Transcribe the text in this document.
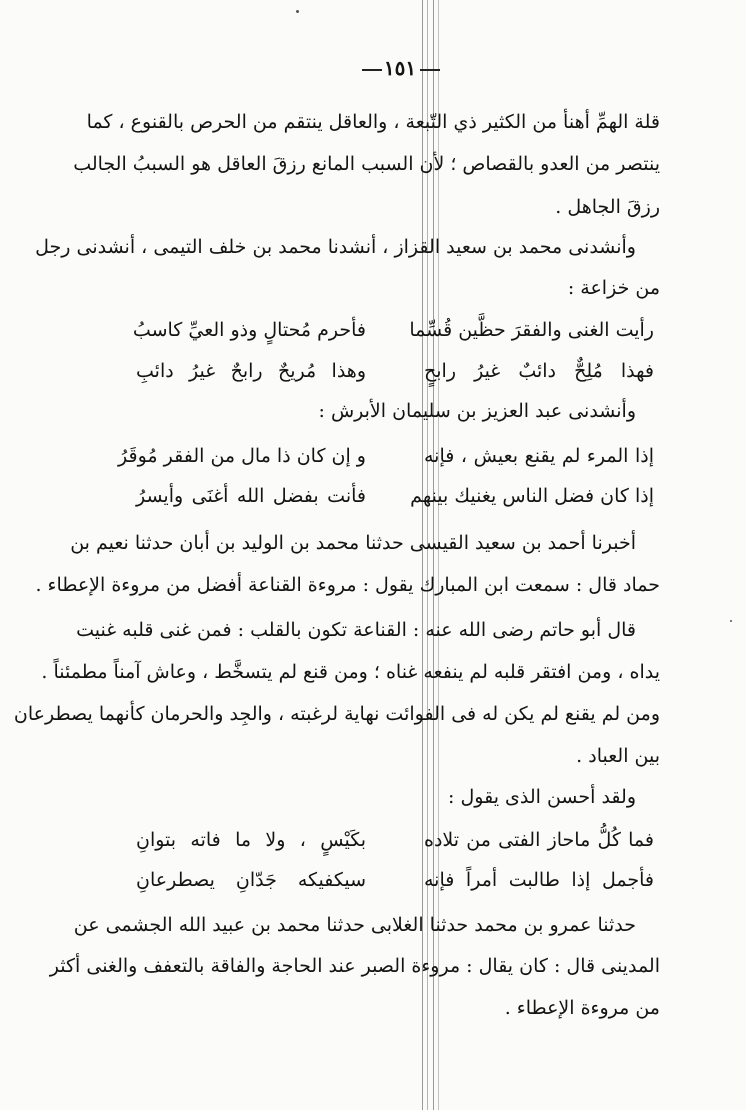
١٥١
قلة الهمِّ أهنأ من الكثير ذي التّبعة ، والعاقل ينتقم من الحرص بالقنوع ، كما
ينتصر من العدو بالقصاص ؛ لأن السبب المانع رزقَ العاقل هو السببُ الجالب
رزقَ الجاهل .
وأنشدنى محمد بن سعيد القزاز ، أنشدنا محمد بن خلف التيمى ، أنشدنى رجل
من خزاعة :
رأيت الغنى والفقرَ حظَّين قُسِّما
فأحرم مُحتالٍ وذو العيِّ كاسبُ
فهذا مُلِحٌّ دائبٌ غيرُ رابحٍ
وهذا مُريحٌ رابحٌ غيرُ دائبِ
وأنشدنى عبد العزيز بن سليمان الأبرش :
إذا المرء لم يقنع بعيش ، فإنه
و إن كان ذا مال من الفقر مُوقَرُ
إذا كان فضل الناس يغنيك بينهم
فأنت بفضل الله أغنَى وأيسرُ
أخبرنا أحمد بن سعيد القيسى حدثنا محمد بن الوليد بن أبان حدثنا نعيم بن
حماد قال : سمعت ابن المبارك يقول : مروءة القناعة أفضل من مروءة الإعطاء .
قال أبو حاتم رضى الله عنه : القناعة تكون بالقلب : فمن غنى قلبه غنيت
يداه ، ومن افتقر قلبه لم ينفعه غناه ؛ ومن قنع لم يتسخَّط ، وعاش آمناً مطمئناً .
ومن لم يقنع لم يكن له فى الفوائت نهاية لرغبته ، والجِد والحرمان كأنهما يصطرعان
بين العباد .
ولقد أحسن الذى يقول :
فما كُلُّ ماحاز الفتى من تلاده
بكَيْسٍ ، ولا ما فاته بتوانِ
فأجمل إذا طالبت أمراً فإنه
سيكفيكه جَدّانِ يصطرعانِ
حدثنا عمرو بن محمد حدثنا الغلابى حدثنا محمد بن عبيد الله الجشمى عن
المدينى قال : كان يقال : مروءة الصبر عند الحاجة والفاقة بالتعفف والغنى أكثر
من مروءة الإعطاء .
